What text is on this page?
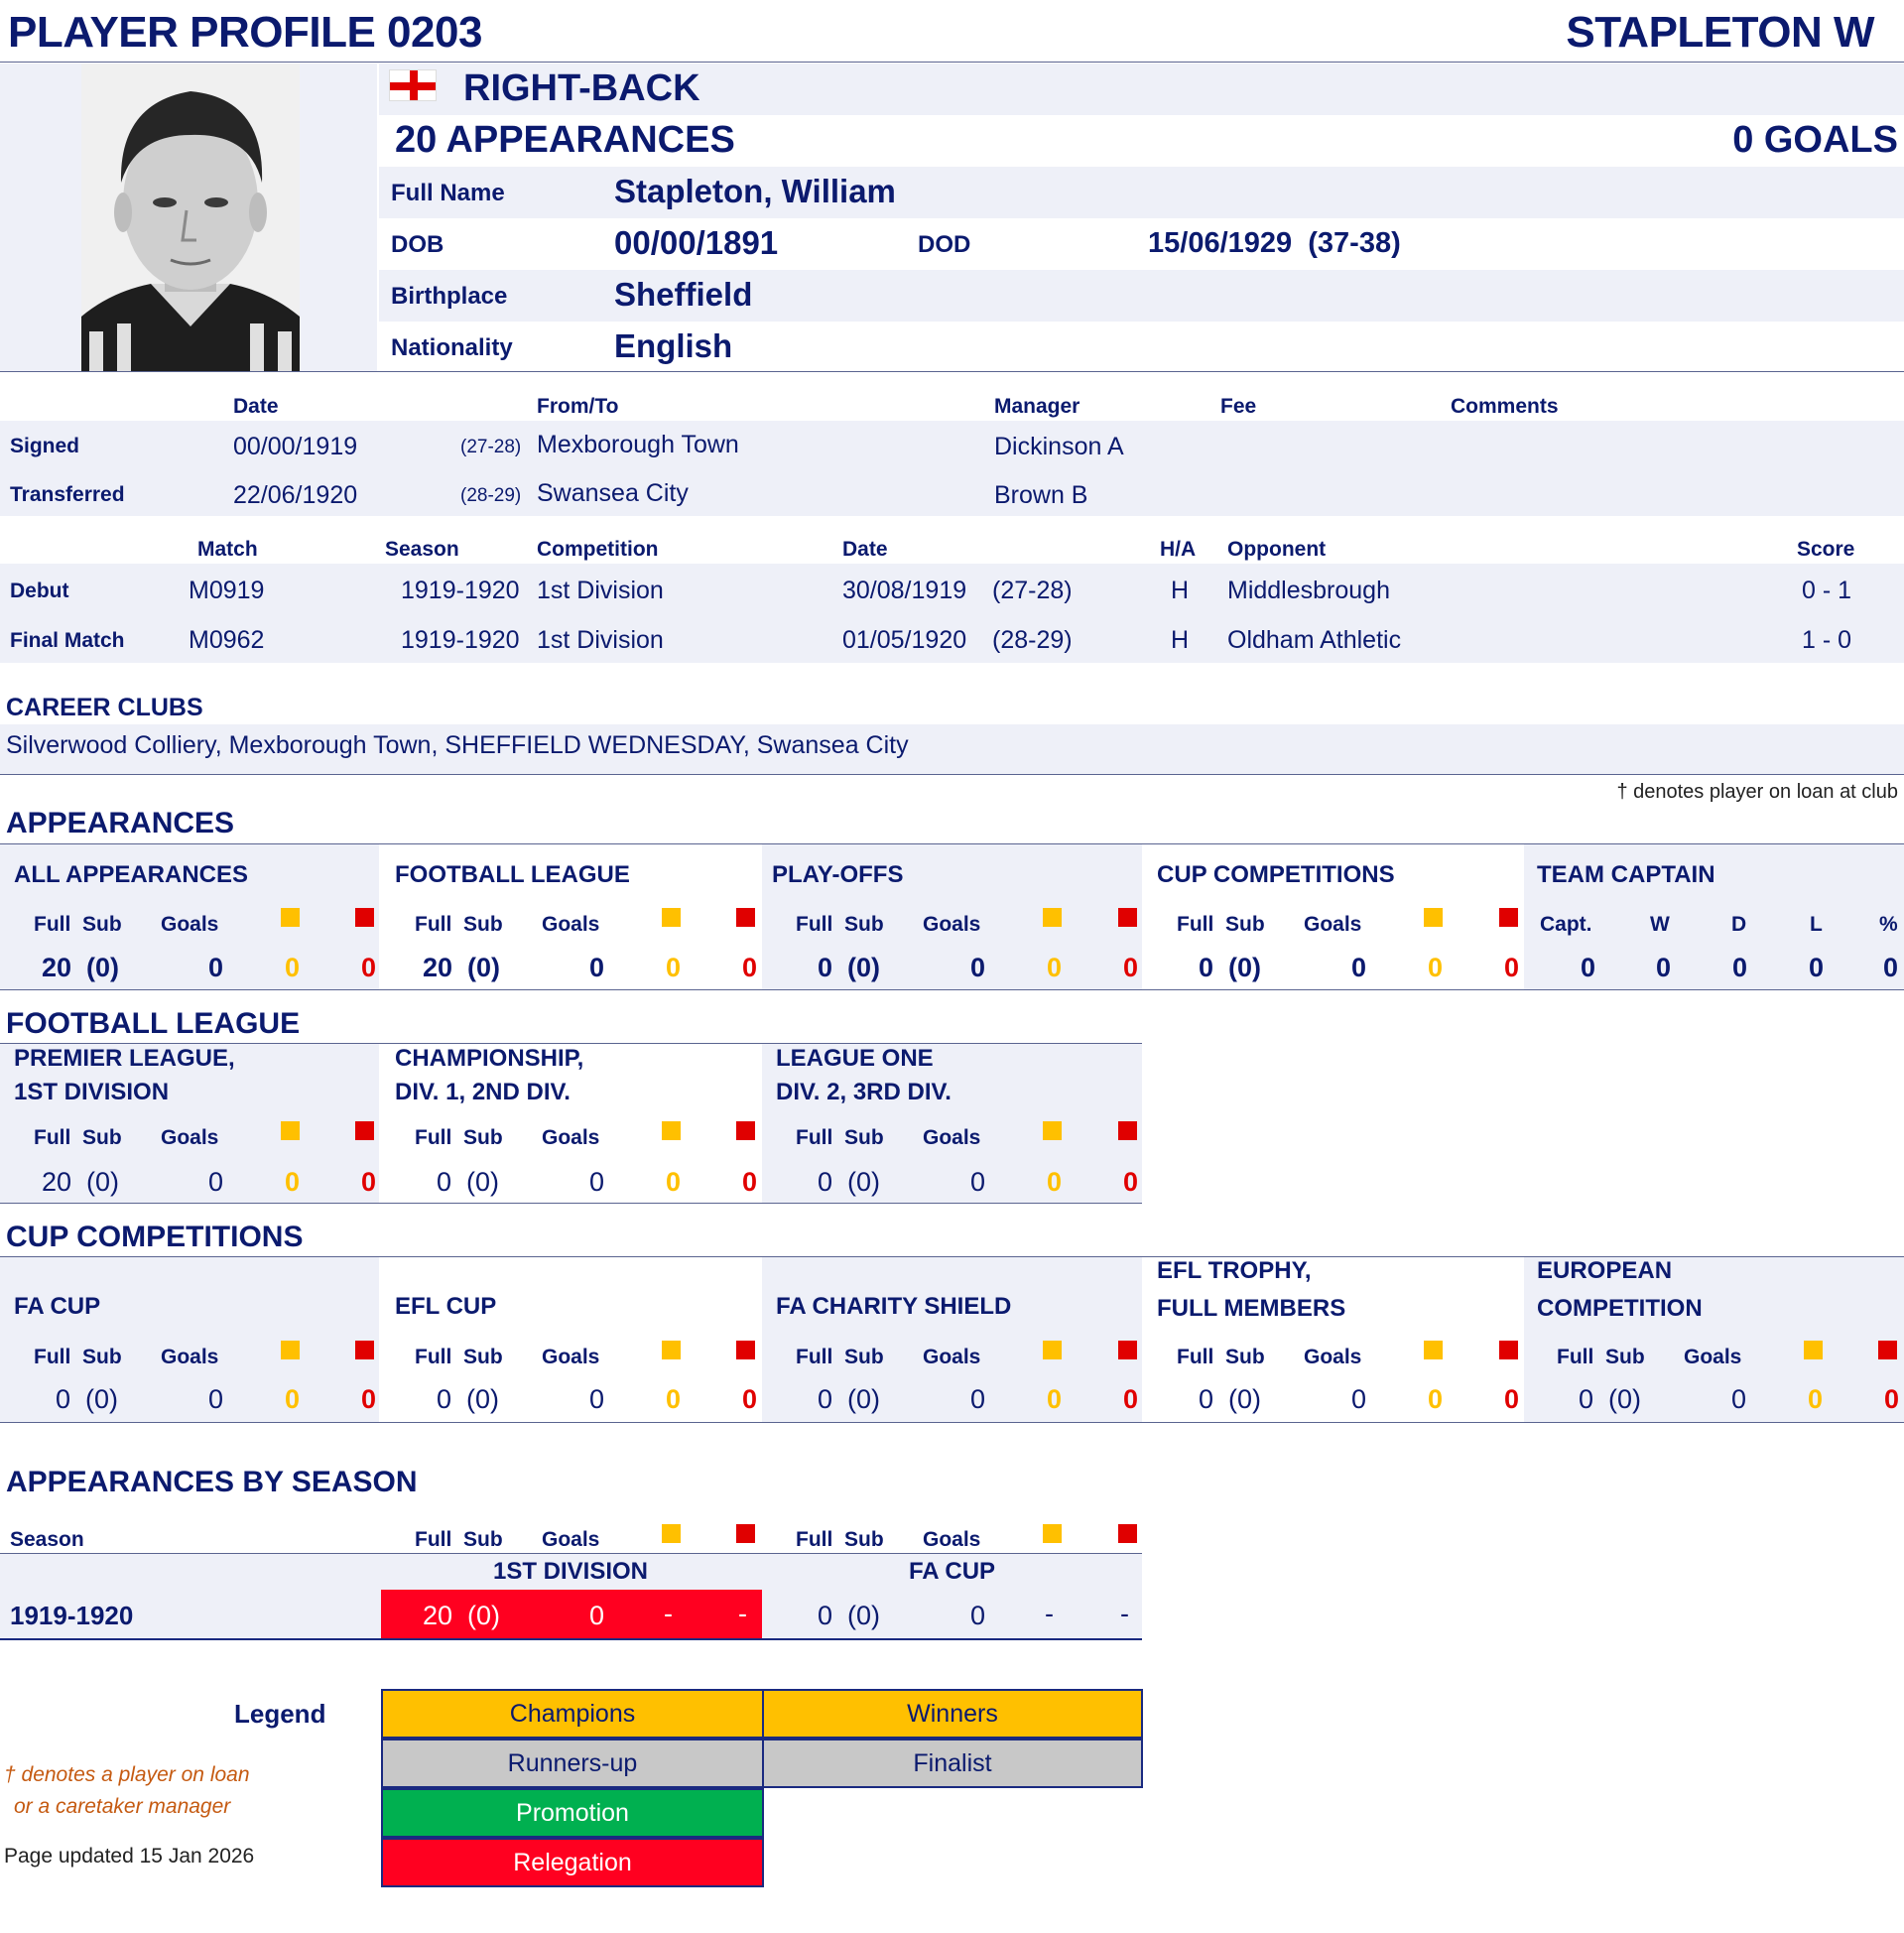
PLAYER PROFILE 0203	STAPLETON W
RIGHT-BACK
20 APPEARANCES	0 GOALS
Full Name	Stapleton, William
DOB	00/00/1891	DOD	15/06/1929  (37-38)
Birthplace	Sheffield
Nationality	English
Date	From/To	Manager	Fee	Comments
Signed	00/00/1919	(27-28) Mexborough Town	Dickinson A
Transferred	22/06/1920	(28-29) Swansea City	Brown B
Match	Season	Competition	Date	H/A Opponent	Score
Debut	M0919	1919-1920 1st Division	30/08/1919 (27-28)	H Middlesbrough	0 - 1
Final Match	M0962	1919-1920 1st Division	01/05/1920 (28-29)	H Oldham Athletic	1 - 0
CAREER CLUBS
Silverwood Colliery, Mexborough Town, SHEFFIELD WEDNESDAY, Swansea City
† denotes player on loan at club
APPEARANCES
ALL APPEARANCES
Full  Sub Goals
20  (0)	0 0 0
FOOTBALL LEAGUE
Full  Sub Goals
20  (0)	0 0 0
PLAY-OFFS
Full  Sub Goals
0  (0)	0 0 0
CUP COMPETITIONS
Full  Sub Goals
0  (0)	0 0 0
TEAM CAPTAIN
Capt.	W	D	L	%
0 0 0 0 0
FOOTBALL LEAGUE
PREMIER LEAGUE,
1ST DIVISION
Full  Sub Goals
20  (0)	0 0 0
CHAMPIONSHIP,
DIV. 1, 2ND DIV.
Full  Sub Goals
0  (0)	0 0 0
LEAGUE ONE
DIV. 2, 3RD DIV.
Full  Sub Goals
0  (0)	0 0 0
CUP COMPETITIONS
FA CUP
Full  Sub Goals
0  (0)	0 0 0
EFL CUP
Full  Sub Goals
0  (0)	0 0 0
FA CHARITY SHIELD
Full  Sub Goals
0  (0)	0 0 0
EFL TROPHY,
FULL MEMBERS
Full  Sub Goals
0  (0)	0 0 0
EUROPEAN
COMPETITION
Full  Sub Goals
0  (0)	0 0 0
APPEARANCES BY SEASON
Season	Full  Sub Goals	Full  Sub Goals
1ST DIVISION	FA CUP
1919-1920	20  (0)	0 - -	0  (0)	0 - -
Legend	Champions	Winners
Runners-up	Finalist
Promotion
Relegation
† denotes a player on loan
or a caretaker manager
Page updated 15 Jan 2026
